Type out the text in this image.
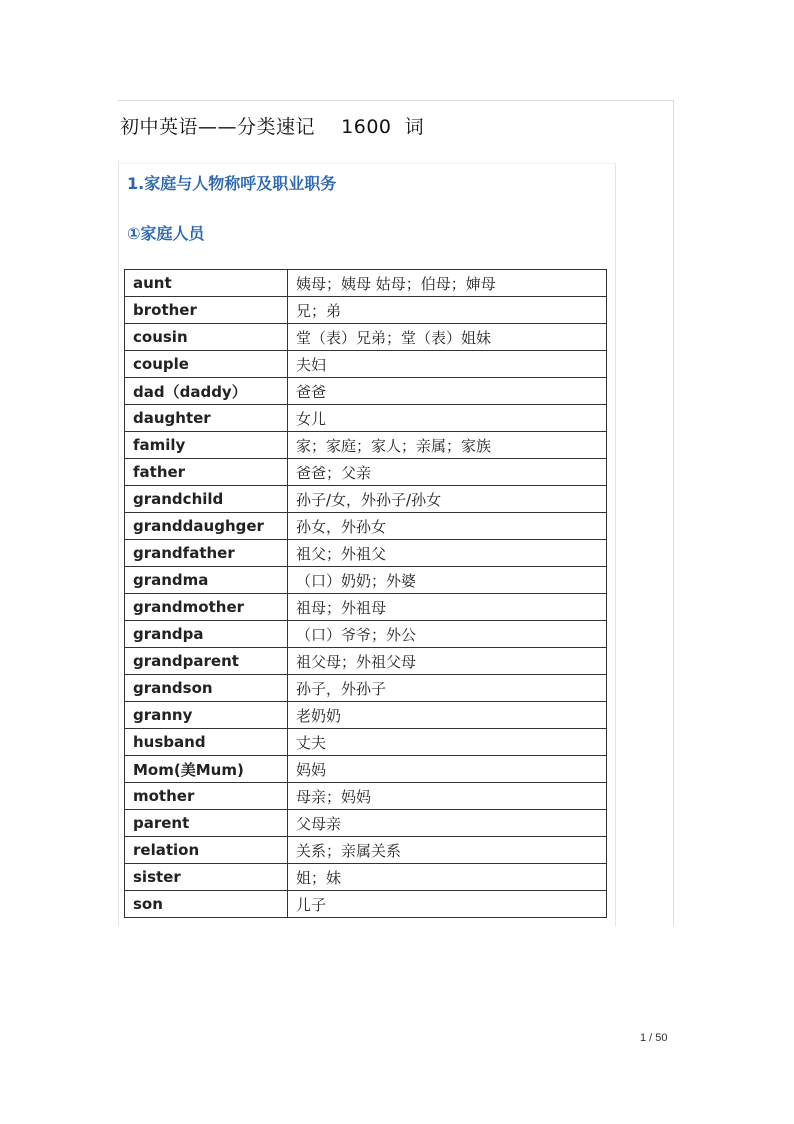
初中英语——分类速记    1600  词
1.家庭与人物称呼及职业职务
①家庭人员
aunt	姨母；姨母 姑母；伯母；婶母
brother	兄；弟
cousin	堂（表）兄弟；堂（表）姐妹
couple	夫妇
dad（daddy）	爸爸
daughter	女儿
family	家；家庭；家人；亲属；家族
father	爸爸；父亲
grandchild	孙子/女，外孙子/孙女
granddaughger	孙女，外孙女
grandfather	祖父；外祖父
grandma	（口）奶奶；外婆
grandmother	祖母；外祖母
grandpa	（口）爷爷；外公
grandparent	祖父母；外祖父母
grandson	孙子，外孙子
granny	老奶奶
husband	丈夫
Mom(美Mum)	妈妈
mother	母亲；妈妈
parent	父母亲
relation	关系；亲属关系
sister	姐；妹
son	儿子
1 / 50
